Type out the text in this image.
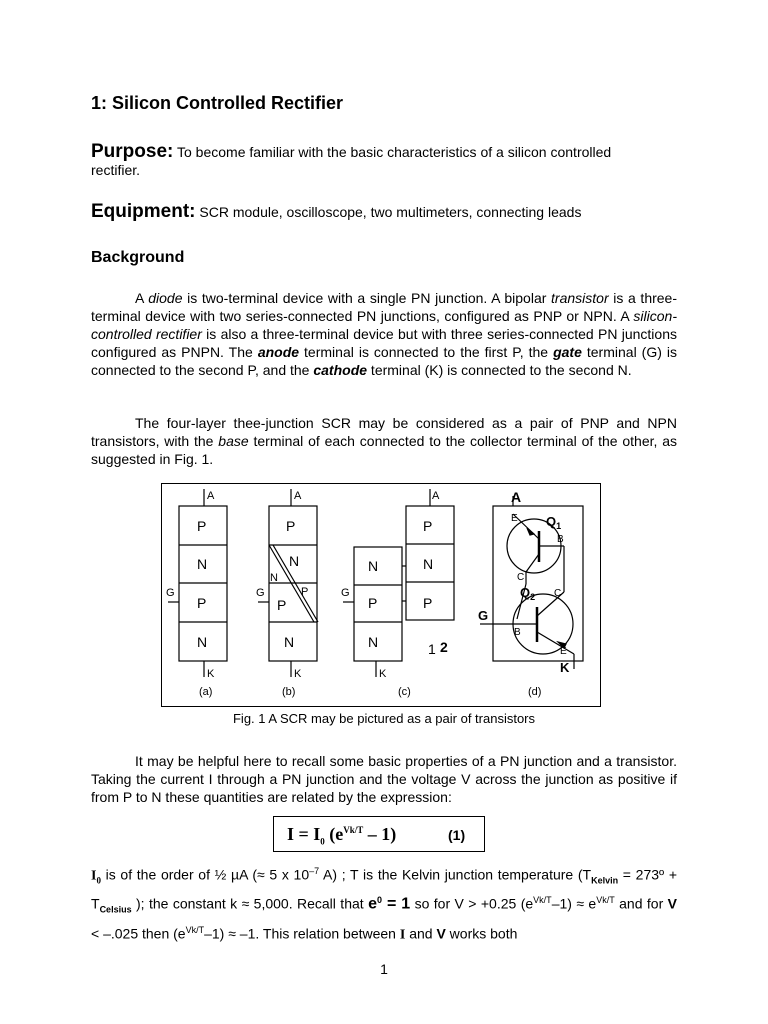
1: Silicon Controlled Rectifier
Purpose: To become familiar with the basic characteristics of a silicon controlled
rectifier.
Equipment: SCR module, oscilloscope, two multimeters, connecting leads
Background
A diode is two-terminal device with a single PN junction. A bipolar transistor is a three-terminal device with two series-connected PN junctions, configured as PNP or NPN. A silicon-controlled rectifier is also a three-terminal device but with three series-connected PN junctions configured as PNPN. The anode terminal is connected to the first P, the gate terminal (G) is connected to the second P, and the cathode terminal (K) is connected to the second N.
The four-layer thee-junction SCR may be considered as a pair of PNP and NPN transistors, with the base terminal of each connected to the collector terminal of the other, as suggested in Fig. 1.
A
P
N
P
N
G
K
(a)
A
P
N
N
P
P
N
G
K
(b)
A
P
N
P
N
P
N
G
K
1 2
(c)
A
E $Q_1$
B
C
$Q_2$ C
G
B
E
K
(d)
Fig. 1 A SCR may be pictured as a pair of transistors
It may be helpful here to recall some basic properties of a PN junction and a transistor. Taking the current I through a PN junction and the voltage V across the junction as positive if from P to N these quantities are related by the expression:
$I = I_0$ $(e^{Vk/T} - 1)$	(1)
$I_0$ is of the order of ½ µA (≈ 5 x $10^{-7}$ A) ; T is the Kelvin junction temperature ($T_{Kelvin}$ = 273º + $T_{Celsius}$ ); the constant k ≈ 5,000. Recall that $e^0 = 1$ so for V > +0.25 $(e^{Vk/T}-1) \approx e^{Vk/T}$ and for V < –.025 then $(e^{Vk/T}-1) \approx -1$. This relation between I and V works both
1
